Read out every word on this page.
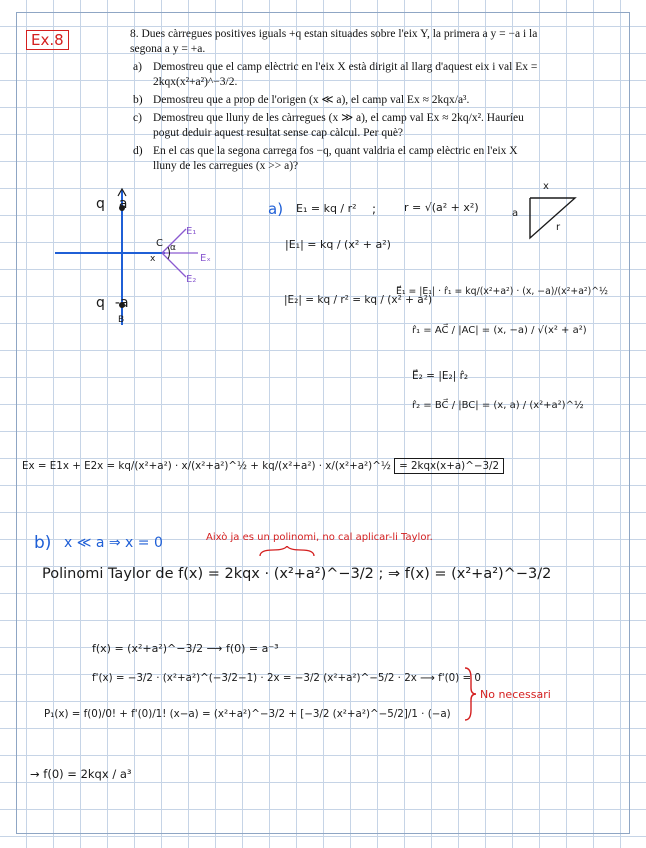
Ex.8	8. Dues càrregues positives iguals +q estan situades sobre l'eix Y, la primera a y = −a i la segona a y = +a.
a) Demostreu que el camp elèctric en l'eix X està dirigit al llarg d'aquest eix i val Ex = 2kqx(x²+a²)^−3/2.
b) Demostreu que a prop de l'origen (x ≪ a), el camp val Ex ≈ 2kqx/a³.
c) Demostreu que lluny de les càrregues (x ≫ a), el camp val Ex ≈ 2kq/x². Hauríeu pogut deduir aquest resultat sense cap càlcul. Per què?
d) En el cas que la segona carrega fos −q, quant valdria el camp elèctric en l'eix X lluny de les carregues (x >> a)?
q a
q -a
C
x
B
α
E₁
Eₓ
E₂
a) E₁ = kq / r² ;	r = √(a² + x²)
|E₁| = kq / (x² + a²)
x
a
r
|E₂| = kq / r² = kq / (x² + a²)
E⃗₁ = |E₁| · r̂₁ = kq/(x²+a²) · (x, −a)/(x²+a²)^½
r̂₁ = AC⃗ / |AC| = (x, −a) / √(x² + a²)
E⃗₂ = |E₂| r̂₂
r̂₂ = BC⃗ / |BC| = (x, a) / (x²+a²)^½
Ex = E1x + E2x = kq/(x²+a²) · x/(x²+a²)^½ + kq/(x²+a²) · x/(x²+a²)^½ = 2kqx(x+a)^−3/2
b) x ≪ a ⇒ x = 0	Això ja es un polinomi, no cal aplicar-li Taylor.
Polinomi Taylor de f(x) = 2kqx · (x²+a²)^−3/2 ; ⇒ f(x) = (x²+a²)^−3/2
f(x) = (x²+a²)^−3/2 ⟶ f(0) = a⁻³
f'(x) = −3/2 · (x²+a²)^(−3/2−1) · 2x = −3/2 (x²+a²)^−5/2 · 2x ⟶ f'(0) = 0
No necessari
P₁(x) = f(0)/0! + f'(0)/1! (x−a) = (x²+a²)^−3/2 + [−3/2 (x²+a²)^−5/2]/1 · (−a)
→ f(0) = 2kqx / a³
